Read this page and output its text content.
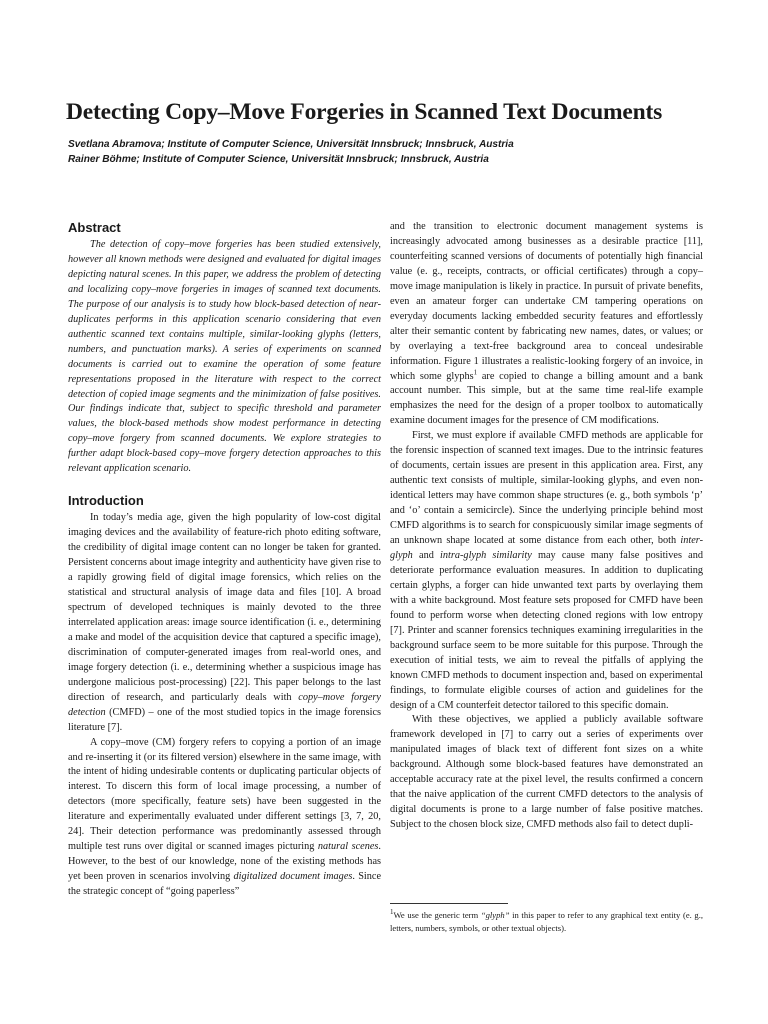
Detecting Copy–Move Forgeries in Scanned Text Documents
Svetlana Abramova; Institute of Computer Science, Universität Innsbruck; Innsbruck, Austria
Rainer Böhme; Institute of Computer Science, Universität Innsbruck; Innsbruck, Austria
Abstract

The detection of copy–move forgeries has been studied extensively, however all known methods were designed and evaluated for digital images depicting natural scenes. In this paper, we address the problem of detecting and localizing copy–move forgeries in images of scanned text documents. The purpose of our analysis is to study how block-based detection of near-duplicates performs in this application scenario considering that even authentic scanned text contains multiple, similar-looking glyphs (letters, numbers, and punctuation marks). A series of experiments on scanned documents is carried out to examine the operation of some feature representations proposed in the literature with respect to the correct detection of copied image segments and the minimization of false positives. Our findings indicate that, subject to specific threshold and parameter values, the block-based methods show modest performance in detecting copy–move forgery from scanned documents. We explore strategies to further adapt block-based copy–move forgery detection approaches to this relevant application scenario.

Introduction

In today’s media age, given the high popularity of low-cost digital imaging devices and the availability of feature-rich photo editing software, the credibility of digital image content can no longer be taken for granted. Persistent concerns about image integrity and authenticity have given rise to a rapidly growing field of digital image forensics, which relies on the statistical and structural analysis of image data and files [10]. A broad spectrum of developed techniques is mainly devoted to the three interrelated application areas: image source identification (i. e., determining a make and model of the acquisition device that captured a specific image), discrimination of computer-generated images from real-world ones, and image forgery detection (i. e., determining whether a suspicious image has undergone malicious post-processing) [22]. This paper belongs to the last direction of research, and particularly deals with copy–move forgery detection (CMFD) – one of the most studied topics in the image forensics literature [7].

A copy–move (CM) forgery refers to copying a portion of an image and re-inserting it (or its filtered version) elsewhere in the same image, with the intent of hiding undesirable contents or duplicating particular objects of interest. To discern this form of local image processing, a number of detectors (more specifically, feature sets) have been suggested in the literature and experimentally evaluated under different settings [3, 7, 20, 24]. Their detection performance was predominantly assessed through multiple test runs over digital or scanned images picturing natural scenes. However, to the best of our knowledge, none of the existing methods has yet been proven in scenarios involving digitalized document images. Since the strategic concept of “going paperless”

and the transition to electronic document management systems is increasingly advocated among businesses as a desirable practice [11], counterfeiting scanned versions of documents of potentially high financial value (e. g., receipts, contracts, or official certificates) through a copy–move image manipulation is likely in practice. In pursuit of private benefits, even an amateur forger can undertake CM tampering operations on everyday documents lacking embedded security features and effortlessly alter their semantic content by fabricating new names, dates, or values; or by overlaying a text-free background area to conceal undesirable information. Figure 1 illustrates a realistic-looking forgery of an invoice, in which some glyphs$^1$ are copied to change a billing amount and a bank account number. This simple, but at the same time real-life example emphasizes the need for the design of a proper toolbox to automatically examine document images for the presence of CM modifications.

First, we must explore if available CMFD methods are applicable for the forensic inspection of scanned text images. Due to the intrinsic features of documents, certain issues are present in this application area. First, any authentic text consists of multiple, similar-looking glyphs, and even non-identical letters may have common shape structures (e. g., both symbols ‘p’ and ‘o’ contain a semicircle). Since the underlying principle behind most CMFD algorithms is to search for conspicuously similar image segments of an unknown shape located at some distance from each other, both inter-glyph and intra-glyph similarity may cause many false positives and deteriorate performance evaluation measures. In addition to duplicating certain glyphs, a forger can hide unwanted text parts by overlaying them with a white background. Most feature sets proposed for CMFD have been found to perform worse when detecting cloned regions with low entropy [7]. Printer and scanner forensics techniques examining irregularities in the background surface seem to be more suitable for this purpose. Through the execution of initial tests, we aim to reveal the pitfalls of applying the known CMFD methods to document inspection and, based on experimental findings, to formulate eligible courses of action and guidelines for the design of a CM counterfeit detector tailored to this specific domain.

With these objectives, we applied a publicly available software framework developed in [7] to carry out a series of experiments over manipulated images of black text of different font sizes on a white background. Although some block-based features have demonstrated an acceptable accuracy rate at the pixel level, the results confirmed a concern that the naive application of the current CMFD detectors to the analysis of digital documents is prone to a large number of false positive matches. Subject to the chosen block size, CMFD methods also fail to detect dupli-

$^1$We use the generic term “glyph” in this paper to refer to any graphical text entity (e. g., letters, numbers, symbols, or other textual objects).
